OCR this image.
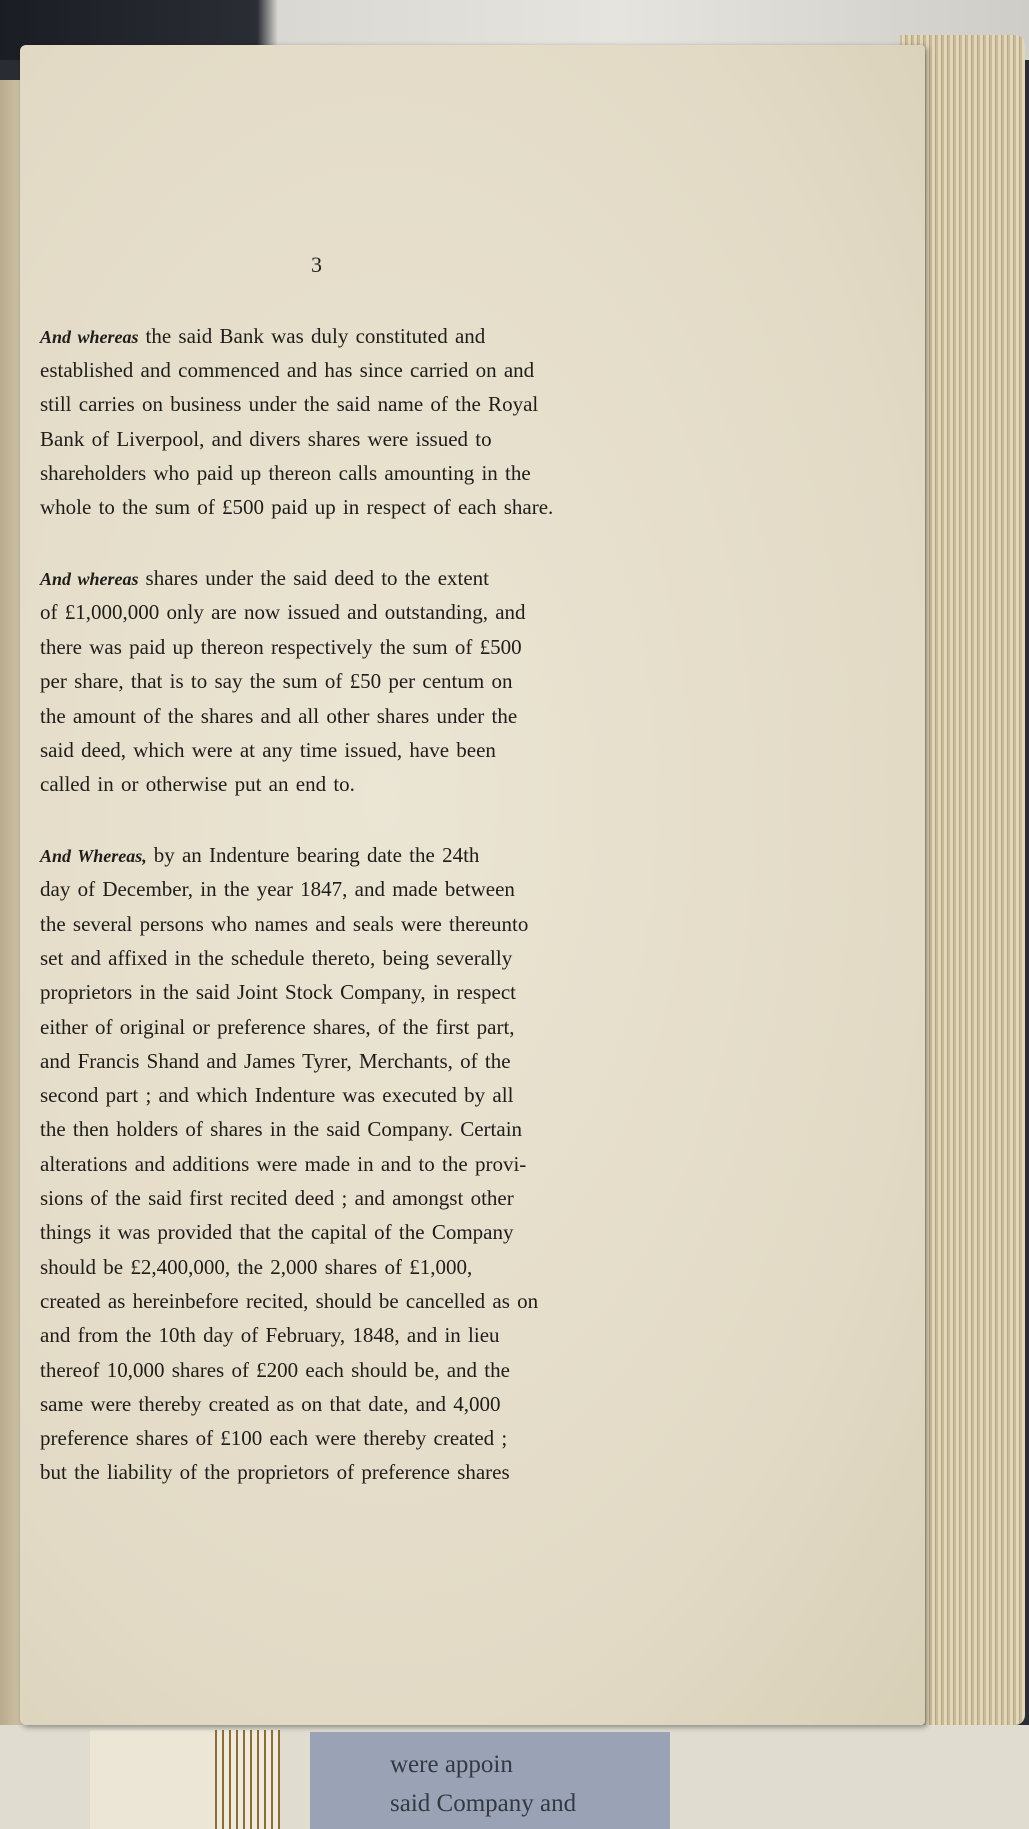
were appoin
said Company and
3
And whereas the said Bank was duly constituted and
established and commenced and has since carried on and
still carries on business under the said name of the Royal
Bank of Liverpool, and divers shares were issued to
shareholders who paid up thereon calls amounting in the
whole to the sum of £500 paid up in respect of each share.
And whereas shares under the said deed to the extent
of £1,000,000 only are now issued and outstanding, and
there was paid up thereon respectively the sum of £500
per share, that is to say the sum of £50 per centum on
the amount of the shares and all other shares under the
said deed, which were at any time issued, have been
called in or otherwise put an end to.
And Whereas, by an Indenture bearing date the 24th
day of December, in the year 1847, and made between
the several persons who names and seals were thereunto
set and affixed in the schedule thereto, being severally
proprietors in the said Joint Stock Company, in respect
either of original or preference shares, of the first part,
and Francis Shand and James Tyrer, Merchants, of the
second part ; and which Indenture was executed by all
the then holders of shares in the said Company. Certain
alterations and additions were made in and to the provi-
sions of the said first recited deed ; and amongst other
things it was provided that the capital of the Company
should be £2,400,000, the 2,000 shares of £1,000,
created as hereinbefore recited, should be cancelled as on
and from the 10th day of February, 1848, and in lieu
thereof 10,000 shares of £200 each should be, and the
same were thereby created as on that date, and 4,000
preference shares of £100 each were thereby created ;
but the liability of the proprietors of preference shares
